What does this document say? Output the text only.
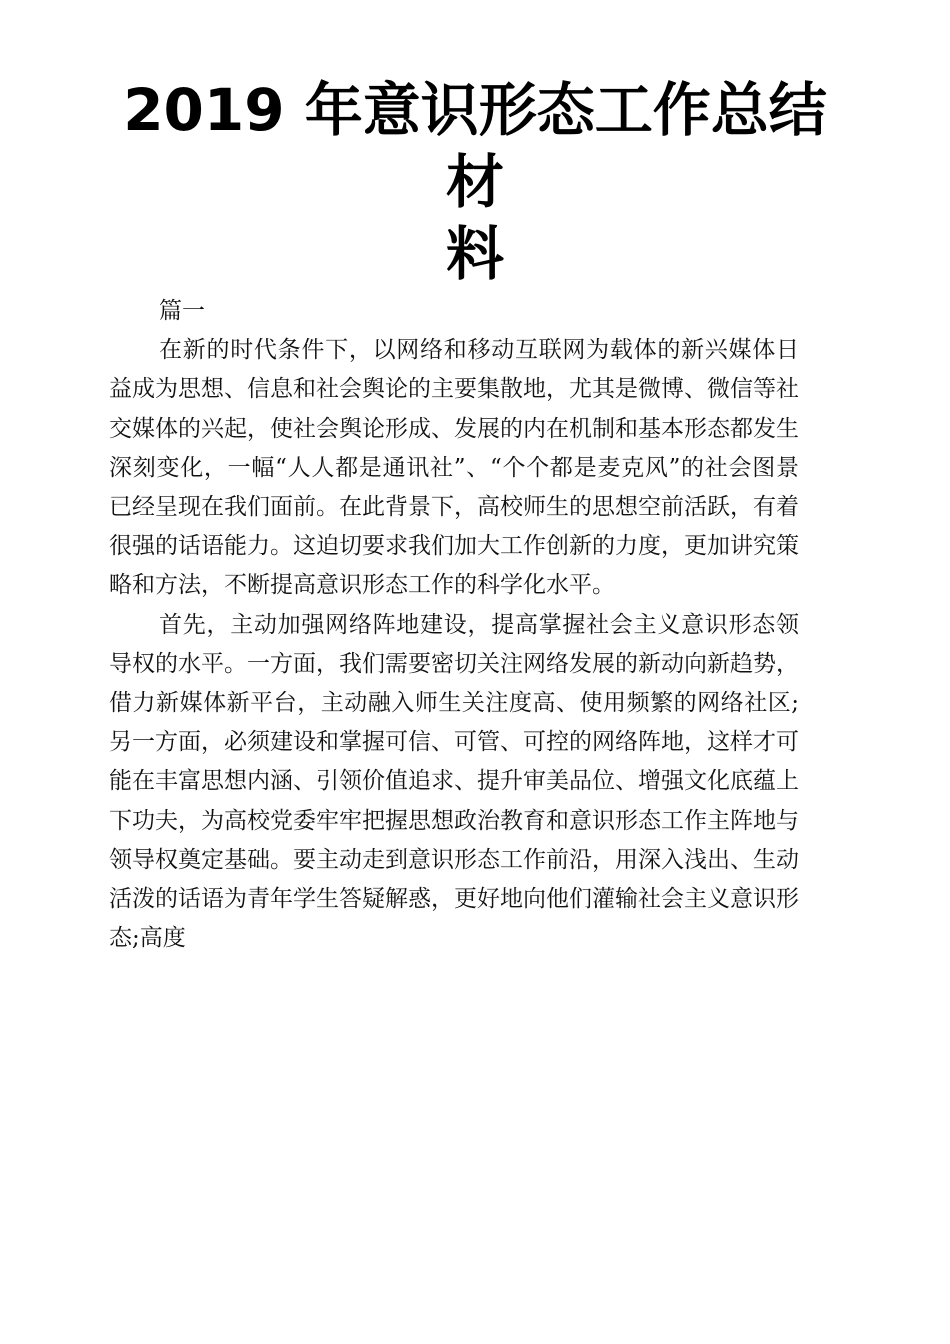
2019 年意识形态工作总结材
料

篇一

在新的时代条件下，以网络和移动互联网为载体的新兴媒体日益成为思想、信息和社会舆论的主要集散地，尤其是微博、微信等社交媒体的兴起，使社会舆论形成、发展的内在机制和基本形态都发生深刻变化，一幅“人人都是通讯社”、“个个都是麦克风”的社会图景已经呈现在我们面前。在此背景下，高校师生的思想空前活跃，有着很强的话语能力。这迫切要求我们加大工作创新的力度，更加讲究策略和方法，不断提高意识形态工作的科学化水平。

首先，主动加强网络阵地建设，提高掌握社会主义意识形态领导权的水平。一方面，我们需要密切关注网络发展的新动向新趋势，借力新媒体新平台，主动融入师生关注度高、使用频繁的网络社区;另一方面，必须建设和掌握可信、可管、可控的网络阵地，这样才可能在丰富思想内涵、引领价值追求、提升审美品位、增强文化底蕴上下功夫，为高校党委牢牢把握思想政治教育和意识形态工作主阵地与领导权奠定基础。要主动走到意识形态工作前沿，用深入浅出、生动活泼的话语为青年学生答疑解惑，更好地向他们灌输社会主义意识形态;高度
